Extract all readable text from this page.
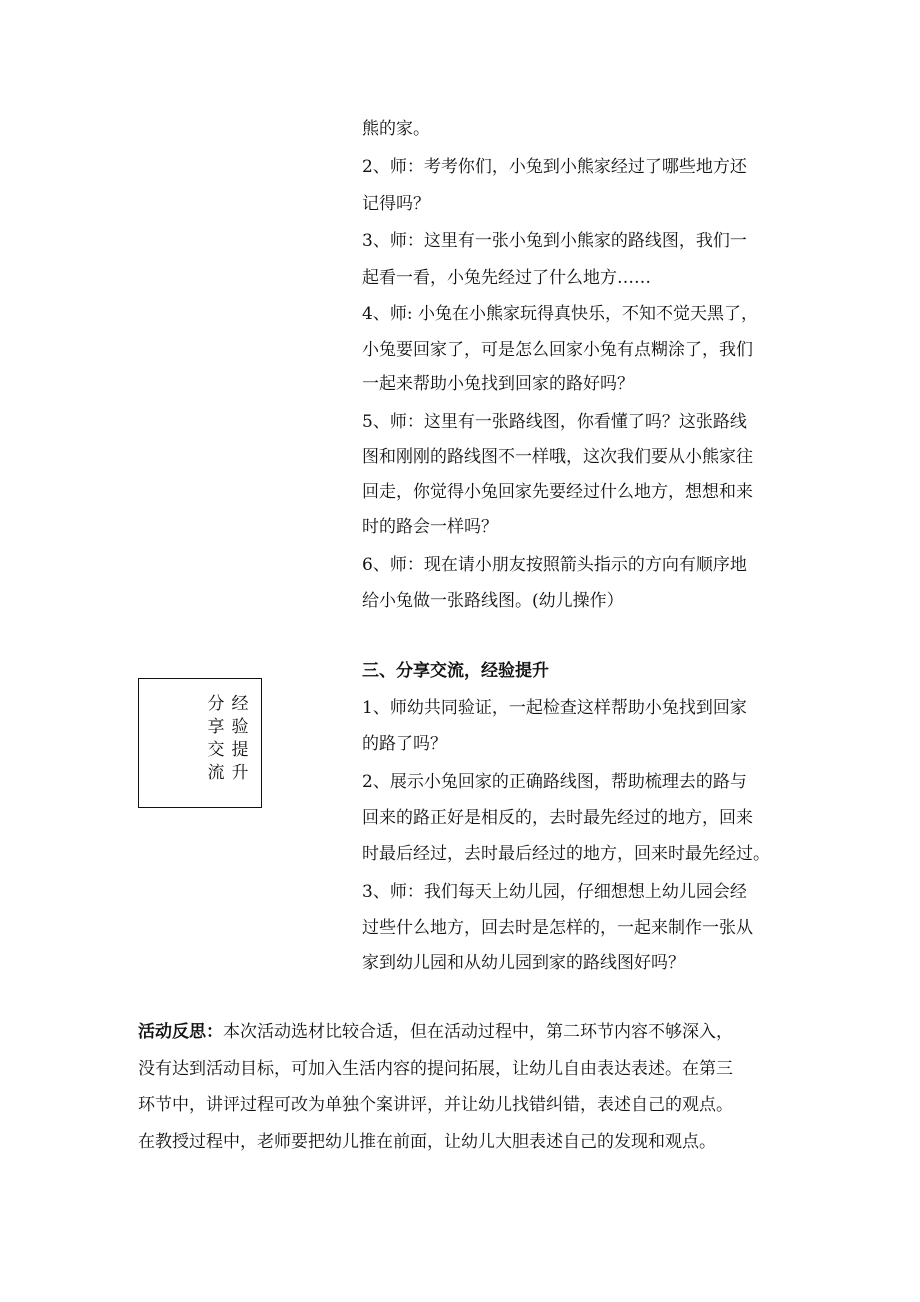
熊的家。

2、师：考考你们，小兔到小熊家经过了哪些地方还

记得吗？

3、师：这里有一张小兔到小熊家的路线图，我们一

起看一看，小兔先经过了什么地方……

4、师: 小兔在小熊家玩得真快乐，不知不觉天黑了，

小兔要回家了，可是怎么回家小兔有点糊涂了，我们

一起来帮助小兔找到回家的路好吗？

5、师：这里有一张路线图，你看懂了吗？这张路线

图和刚刚的路线图不一样哦，这次我们要从小熊家往

回走，你觉得小兔回家先要经过什么地方，想想和来

时的路会一样吗？

6、师：现在请小朋友按照箭头指示的方向有顺序地

给小兔做一张路线图。(幼儿操作）

三、分享交流，经验提升

分享交流
经验提升

1、师幼共同验证，一起检查这样帮助小兔找到回家

的路了吗？

2、展示小兔回家的正确路线图，帮助梳理去的路与

回来的路正好是相反的，去时最先经过的地方，回来

时最后经过，去时最后经过的地方，回来时最先经过。

3、师：我们每天上幼儿园，仔细想想上幼儿园会经

过些什么地方，回去时是怎样的，一起来制作一张从

家到幼儿园和从幼儿园到家的路线图好吗？

活动反思：本次活动选材比较合适，但在活动过程中，第二环节内容不够深入，
没有达到活动目标，可加入生活内容的提问拓展，让幼儿自由表达表述。在第三
环节中，讲评过程可改为单独个案讲评，并让幼儿找错纠错，表述自己的观点。
在教授过程中，老师要把幼儿推在前面，让幼儿大胆表述自己的发现和观点。
